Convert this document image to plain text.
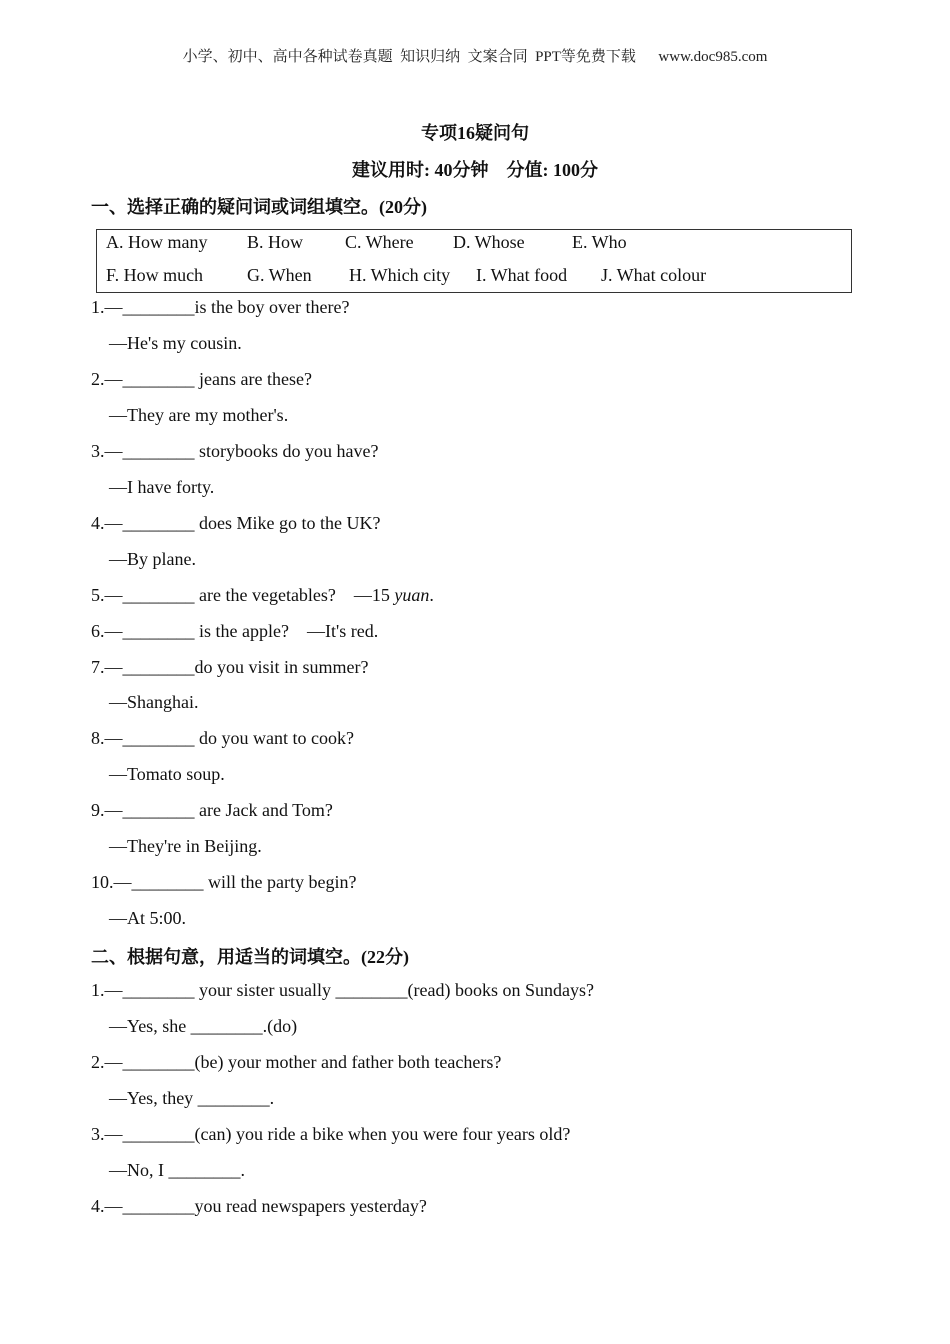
小学、初中、高中各种试卷真题  知识归纳  文案合同  PPT等免费下载      www.doc985.com
专项16疑问句
建议用时: 40分钟    分值: 100分
一、选择正确的疑问词或词组填空。(20分)
A. How many B. How C. Where D. Whose	E. Who
F. How much G. When H. Which city I. What food J. What colour
1.—________is the boy over there?
—He's my cousin.
2.—________ jeans are these?
—They are my mother's.
3.—________ storybooks do you have?
—I have forty.
4.—________ does Mike go to the UK?
—By plane.
5.—________ are the vegetables?    —15 yuan.
6.—________ is the apple?    —It's red.
7.—________do you visit in summer?
—Shanghai.
8.—________ do you want to cook?
—Tomato soup.
9.—________ are Jack and Tom?
—They're in Beijing.
10.—________ will the party begin?
—At 5:00.
二、根据句意，用适当的词填空。(22分)
1.—________ your sister usually ________(read) books on Sundays?
—Yes, she ________.(do)
2.—________(be) your mother and father both teachers?
—Yes, they ________.
3.—________(can) you ride a bike when you were four years old?
—No, I ________.
4.—________you read newspapers yesterday?
